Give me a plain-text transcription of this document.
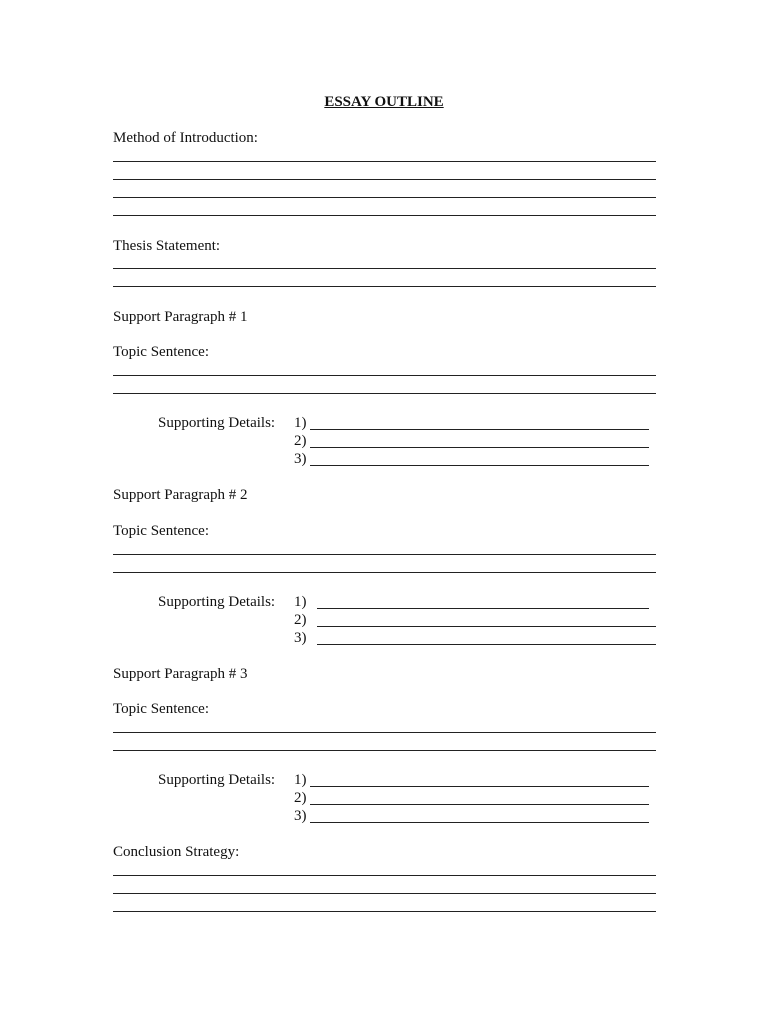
ESSAY OUTLINE
Method of Introduction:
Thesis Statement:
Support Paragraph # 1
Topic Sentence:
Supporting Details: 1)
2)
3)
Support Paragraph # 2
Topic Sentence:
Supporting Details: 1)
2)
3)
Support Paragraph # 3
Topic Sentence:
Supporting Details: 1)
2)
3)
Conclusion Strategy:
